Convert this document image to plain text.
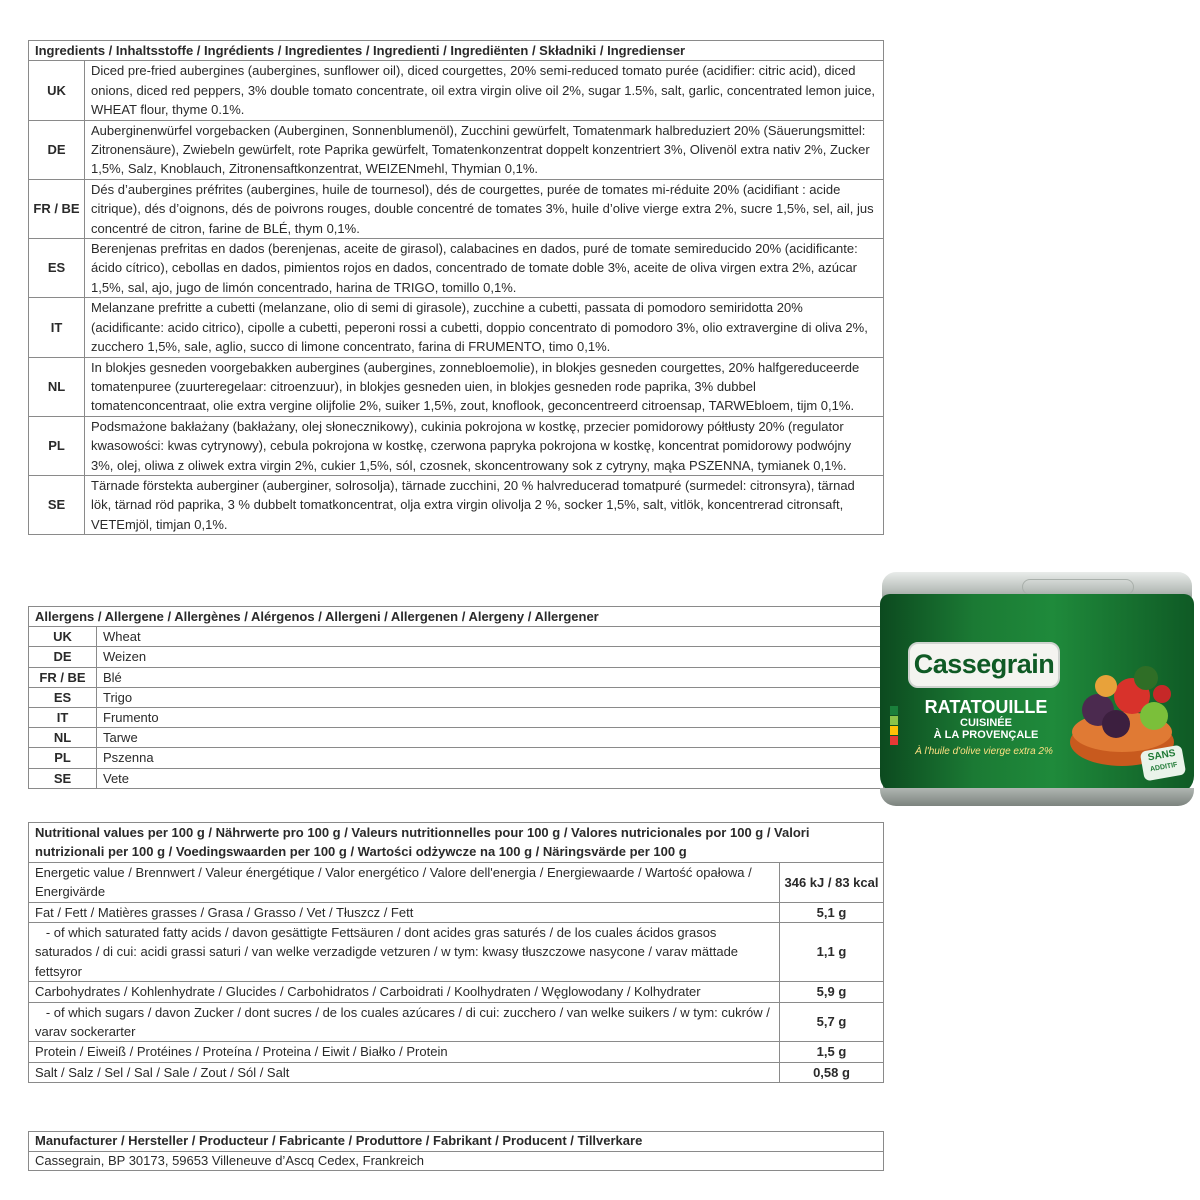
Ingredients / Inhaltsstoffe / Ingrédients / Ingredientes / Ingredienti / Ingrediënten / Składniki / Ingredienser	
UK	Diced pre-fried aubergines (aubergines, sunflower oil), diced courgettes, 20% semi-reduced tomato purée (acidifier: citric acid), diced onions, diced red peppers, 3% double tomato concentrate, oil extra virgin olive oil 2%, sugar 1.5%, salt, garlic, concentrated lemon juice, WHEAT flour, thyme 0.1%.
DE	Auberginenwürfel vorgebacken (Auberginen, Sonnenblumenöl), Zucchini gewürfelt, Tomatenmark halbreduziert 20% (Säuerungsmittel: Zitronensäure), Zwiebeln gewürfelt, rote Paprika gewürfelt, Tomatenkonzentrat doppelt konzentriert 3%, Olivenöl extra nativ 2%, Zucker 1,5%, Salz, Knoblauch, Zitronensaftkonzentrat, WEIZENmehl, Thymian 0,1%.
FR / BE	Dés d’aubergines préfrites (aubergines, huile de tournesol), dés de courgettes, purée de tomates mi-réduite 20% (acidifiant : acide citrique), dés d’oignons, dés de poivrons rouges, double concentré de tomates 3%, huile d’olive vierge extra 2%, sucre 1,5%, sel, ail, jus concentré de citron, farine de BLÉ, thym 0,1%.
ES	Berenjenas prefritas en dados (berenjenas, aceite de girasol), calabacines en dados, puré de tomate semireducido 20% (acidificante: ácido cítrico), cebollas en dados, pimientos rojos en dados, concentrado de tomate doble 3%, aceite de oliva virgen extra 2%, azúcar 1,5%, sal, ajo, jugo de limón concentrado, harina de TRIGO, tomillo 0,1%.
IT	Melanzane prefritte a cubetti (melanzane, olio di semi di girasole), zucchine a cubetti, passata di pomodoro semiridotta 20% (acidificante: acido citrico), cipolle a cubetti, peperoni rossi a cubetti, doppio concentrato di pomodoro 3%, olio extravergine di oliva 2%, zucchero 1,5%, sale, aglio, succo di limone concentrato, farina di FRUMENTO, timo 0,1%.
NL	In blokjes gesneden voorgebakken aubergines (aubergines, zonnebloemolie), in blokjes gesneden courgettes, 20% halfgereduceerde tomatenpuree (zuurteregelaar: citroenzuur), in blokjes gesneden uien, in blokjes gesneden rode paprika, 3% dubbel tomatenconcentraat, olie extra vergine olijfolie 2%, suiker 1,5%, zout, knoflook, geconcentreerd citroensap, TARWEbloem, tijm 0,1%.
PL	Podsmażone bakłażany (bakłażany, olej słonecznikowy), cukinia pokrojona w kostkę, przecier pomidorowy półtłusty 20% (regulator kwasowości: kwas cytrynowy), cebula pokrojona w kostkę, czerwona papryka pokrojona w kostkę, koncentrat pomidorowy podwójny 3%, olej, oliwa z oliwek extra virgin 2%, cukier 1,5%, sól, czosnek, skoncentrowany sok z cytryny, mąka PSZENNA, tymianek 0,1%.
SE	Tärnade förstekta auberginer (auberginer, solrosolja), tärnade zucchini, 20 % halvreducerad tomatpuré (surmedel: citronsyra), tärnad lök, tärnad röd paprika, 3 % dubbelt tomatkoncentrat, olja extra virgin olivolja 2 %, socker 1,5%, salt, vitlök, koncentrerad citronsaft, VETEmjöl, timjan 0,1%.
Allergens / Allergene / Allergènes / Alérgenos / Allergeni / Allergenen / Alergeny / Allergener	
UK	Wheat
DE	Weizen
FR / BE	Blé
ES	Trigo
IT	Frumento
NL	Tarwe
PL	Pszenna
SE	Vete
Nutritional values per 100 g / Nährwerte pro 100 g / Valeurs nutritionnelles pour 100 g / Valores nutricionales por 100 g / Valori nutrizionali per 100 g / Voedingswaarden per 100 g / Wartości odżywcze na 100 g / Näringsvärde per 100 g	
Energetic value / Brennwert / Valeur énergétique / Valor energético / Valore dell'energia / Energiewaarde / Wartość opałowa / Energivärde	346 kJ / 83 kcal
Fat / Fett / Matières grasses / Grasa / Grasso / Vet / Tłuszcz / Fett	5,1 g
- of which saturated fatty acids / davon gesättigte Fettsäuren / dont acides gras saturés / de los cuales ácidos grasos saturados / di cui: acidi grassi saturi / van welke verzadigde vetzuren / w tym: kwasy tłuszczowe nasycone / varav mättade fettsyror	1,1 g
Carbohydrates / Kohlenhydrate / Glucides / Carbohidratos / Carboidrati / Koolhydraten / Węglowodany / Kolhydrater	5,9 g
- of which sugars / davon Zucker / dont sucres / de los cuales azúcares / di cui: zucchero / van welke suikers / w tym: cukrów / varav sockerarter	5,7 g
Protein / Eiweiß / Protéines / Proteína / Proteina / Eiwit / Białko / Protein	1,5 g
Salt / Salz / Sel / Sal / Sale / Zout / Sól / Salt	0,58 g
Manufacturer / Hersteller / Producteur / Fabricante / Produttore / Fabrikant / Producent / Tillverkare
Cassegrain, BP 30173, 59653 Villeneuve d’Ascq Cedex, Frankreich
Cassegrain
RATATOUILLE
CUISINÉE
À LA PROVENÇALE
À l'huile d'olive vierge extra 2%	SANS
ADDITIF
